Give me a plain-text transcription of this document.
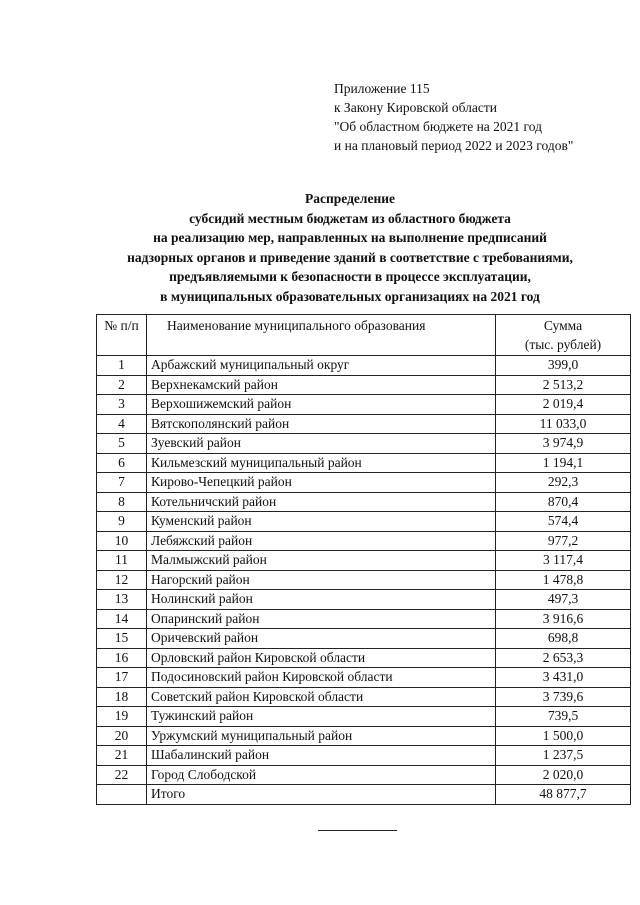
Приложение 115
к Закону Кировской области
"Об областном бюджете на 2021 год
и на плановый период 2022 и 2023 годов"
Распределение
субсидий местным бюджетам из областного бюджета
на реализацию мер, направленных на выполнение предписаний
надзорных органов и приведение зданий в соответствие с требованиями,
предъявляемыми к безопасности в процессе эксплуатации,
в муниципальных образовательных организациях на 2021 год
№ п/п	Наименование муниципального образования	Сумма
(тыс. рублей)

1	Арбажский муниципальный округ	399,0
2	Верхнекамский район	2 513,2
3	Верхошижемский район	2 019,4
4	Вятскополянский район	11 033,0
5	Зуевский район	3 974,9
6	Кильмезский муниципальный район	1 194,1
7	Кирово-Чепецкий район	292,3
8	Котельничский район	870,4
9	Куменский район	574,4
10	Лебяжский район	977,2
11	Малмыжский район	3 117,4
12	Нагорский район	1 478,8
13	Нолинский район	497,3
14	Опаринский район	3 916,6
15	Оричевский район	698,8
16	Орловский район Кировской области	2 653,3
17	Подосиновский район Кировской области	3 431,0
18	Советский район Кировской области	3 739,6
19	Тужинский район	739,5
20	Уржумский муниципальный район	1 500,0
21	Шабалинский район	1 237,5
22	Город Слободской	2 020,0
	Итого	48 877,7
